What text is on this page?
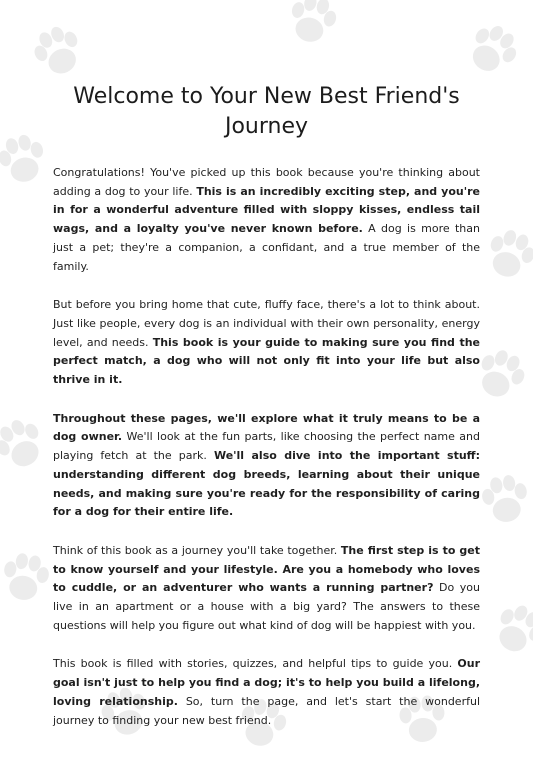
Welcome to Your New Best Friend's Journey

Congratulations! You've picked up this book because you're thinking about adding a dog to your life. This is an incredibly exciting step, and you're in for a wonderful adventure filled with sloppy kisses, endless tail wags, and a loyalty you've never known before. A dog is more than just a pet; they're a companion, a confidant, and a true member of the family.

But before you bring home that cute, fluffy face, there's a lot to think about. Just like people, every dog is an individual with their own personality, energy level, and needs. This book is your guide to making sure you find the perfect match, a dog who will not only fit into your life but also thrive in it.

Throughout these pages, we'll explore what it truly means to be a dog owner. We'll look at the fun parts, like choosing the perfect name and playing fetch at the park. We'll also dive into the important stuff: understanding different dog breeds, learning about their unique needs, and making sure you're ready for the responsibility of caring for a dog for their entire life.

Think of this book as a journey you'll take together. The first step is to get to know yourself and your lifestyle. Are you a homebody who loves to cuddle, or an adventurer who wants a running partner? Do you live in an apartment or a house with a big yard? The answers to these questions will help you figure out what kind of dog will be happiest with you.

This book is filled with stories, quizzes, and helpful tips to guide you. Our goal isn't just to help you find a dog; it's to help you build a lifelong, loving relationship. So, turn the page, and let's start the wonderful journey to finding your new best friend.
